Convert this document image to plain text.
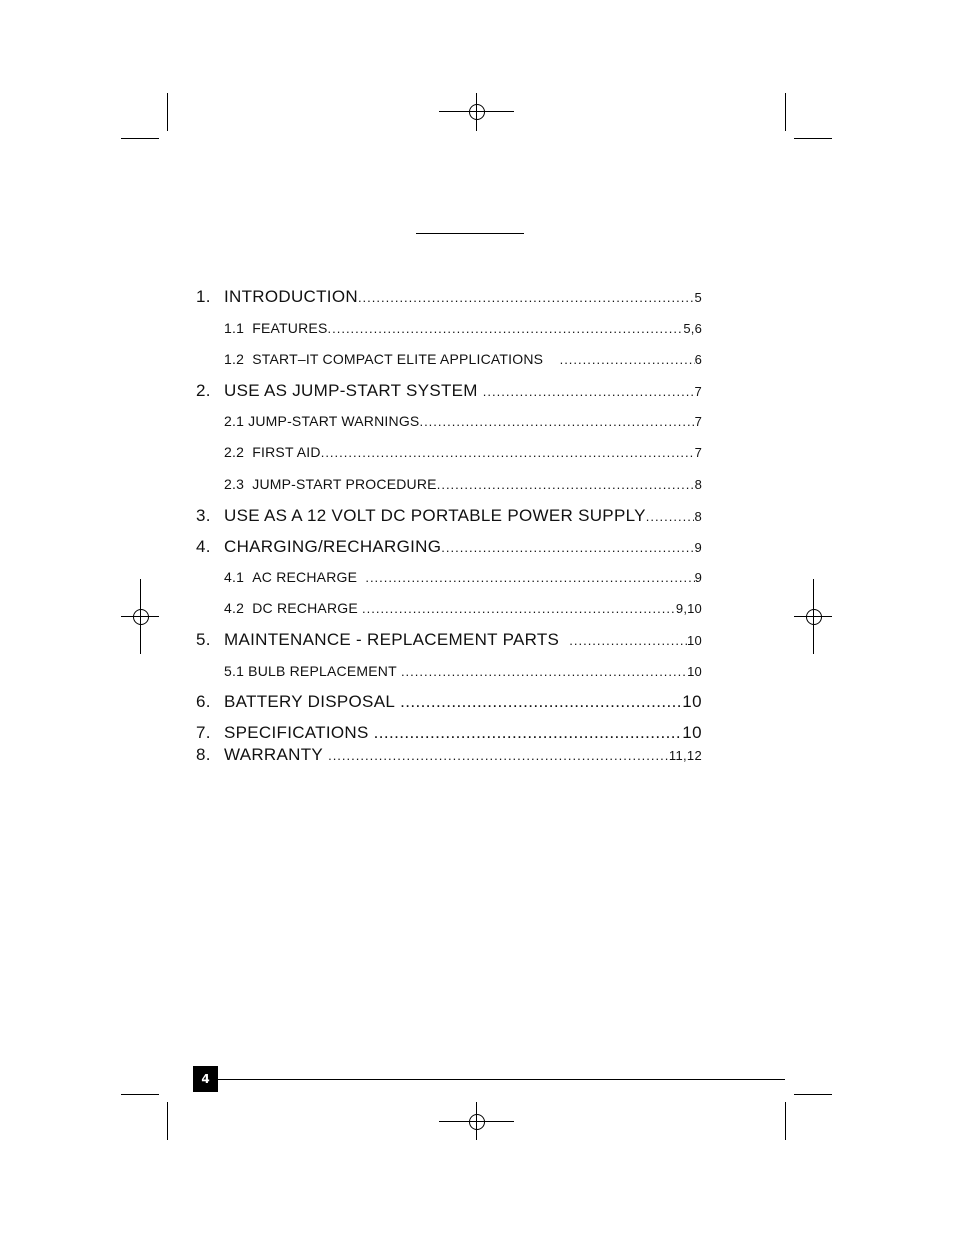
1. INTRODUCTION .....	5
1.1 FEATURES .....	5,6
1.2 START–IT COMPACT ELITE APPLICATIONS .....	6
2. USE AS JUMP-START SYSTEM .....	7
2.1 JUMP-START WARNINGS .....	7
2.2 FIRST AID .....	7
2.3 JUMP-START PROCEDURE .....	8
3. USE AS A 12 VOLT DC PORTABLE POWER SUPPLY .....	8
4. CHARGING/RECHARGING .....	9
4.1 AC RECHARGE .....	9
4.2 DC RECHARGE .....	9,10
5. MAINTENANCE - REPLACEMENT PARTS .....	10
5.1 BULB REPLACEMENT .....	10
6. BATTERY DISPOSAL .....	10
7. SPECIFICATIONS .....	10
8. WARRANTY .....	11,12
4
